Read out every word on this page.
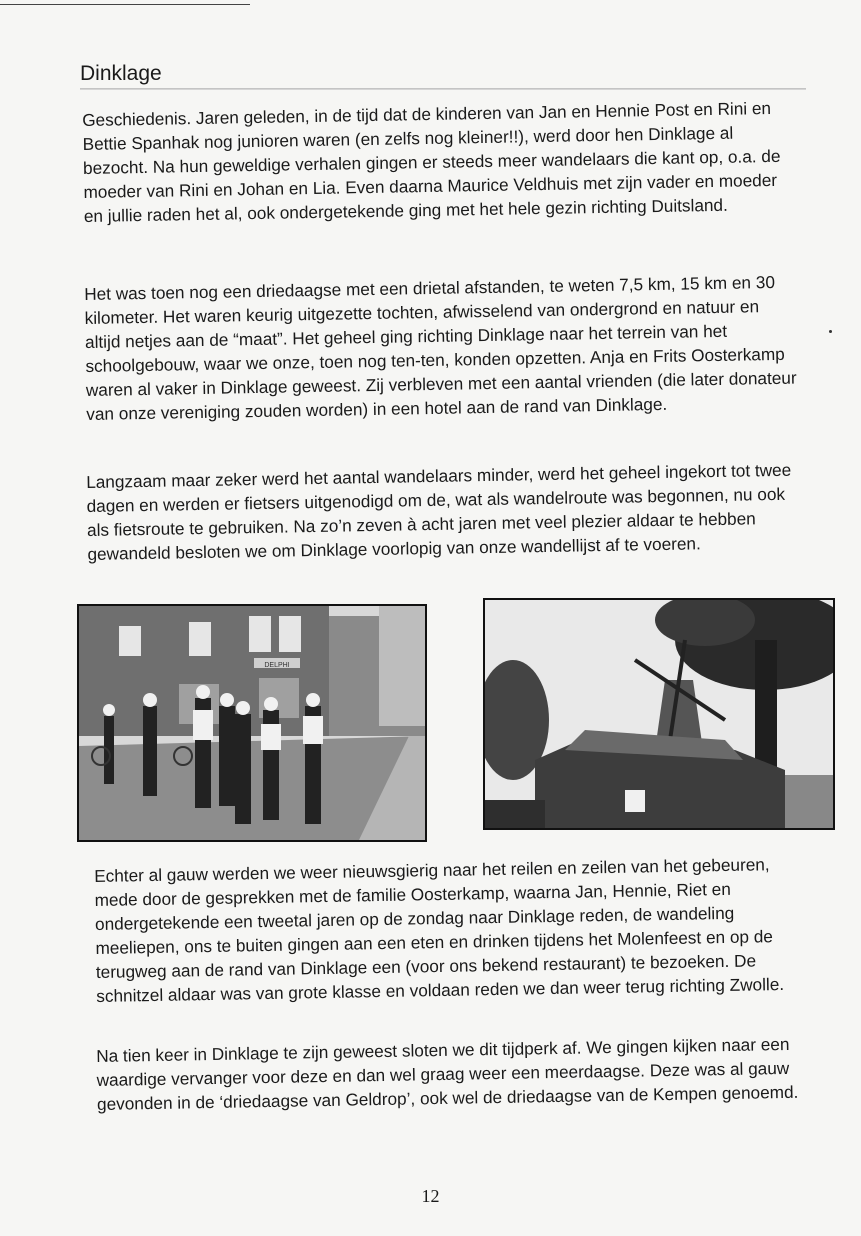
Dinklage

Geschiedenis. Jaren geleden, in de tijd dat de kinderen van Jan en Hennie Post en Rini en Bettie Spanhak nog junioren waren (en zelfs nog kleiner!!), werd door hen Dinklage al bezocht. Na hun geweldige verhalen gingen er steeds meer wandelaars die kant op, o.a. de moeder van Rini en Johan en Lia. Even daarna Maurice Veldhuis met zijn vader en moeder en jullie raden het al, ook ondergetekende ging met het hele gezin richting Duitsland.

Het was toen nog een driedaagse met een drietal afstanden, te weten 7,5 km, 15 km en 30 kilometer. Het waren keurig uitgezette tochten, afwisselend van ondergrond en natuur en altijd netjes aan de “maat”. Het geheel ging richting Dinklage naar het terrein van het schoolgebouw, waar we onze, toen nog ten-ten, konden opzetten. Anja en Frits Oosterkamp waren al vaker in Dinklage geweest. Zij verbleven met een aantal vrienden (die later donateur van onze vereniging zouden worden) in een hotel aan de rand van Dinklage.

Langzaam maar zeker werd het aantal wandelaars minder, werd het geheel ingekort tot twee dagen en werden er fietsers uitgenodigd om de, wat als wandelroute was begonnen, nu ook als fietsroute te gebruiken. Na zo’n zeven à acht jaren met veel plezier aldaar te hebben gewandeld besloten we om Dinklage voorlopig van onze wandellijst af te voeren.

DELPHI

Echter al gauw werden we weer nieuwsgierig naar het reilen en zeilen van het gebeuren, mede door de gesprekken met de familie Oosterkamp, waarna Jan, Hennie, Riet en ondergetekende een tweetal jaren op de zondag naar Dinklage reden, de wandeling meeliepen, ons te buiten gingen aan een eten en drinken tijdens het Molenfeest en op de terugweg aan de rand van Dinklage een (voor ons bekend restaurant) te bezoeken. De schnitzel aldaar was van grote klasse en voldaan reden we dan weer terug richting Zwolle.

Na tien keer in Dinklage te zijn geweest sloten we dit tijdperk af. We gingen kijken naar een waardige vervanger voor deze en dan wel graag weer een meerdaagse. Deze was al gauw gevonden in de ‘driedaagse van Geldrop’, ook wel de driedaagse van de Kempen genoemd.

12
